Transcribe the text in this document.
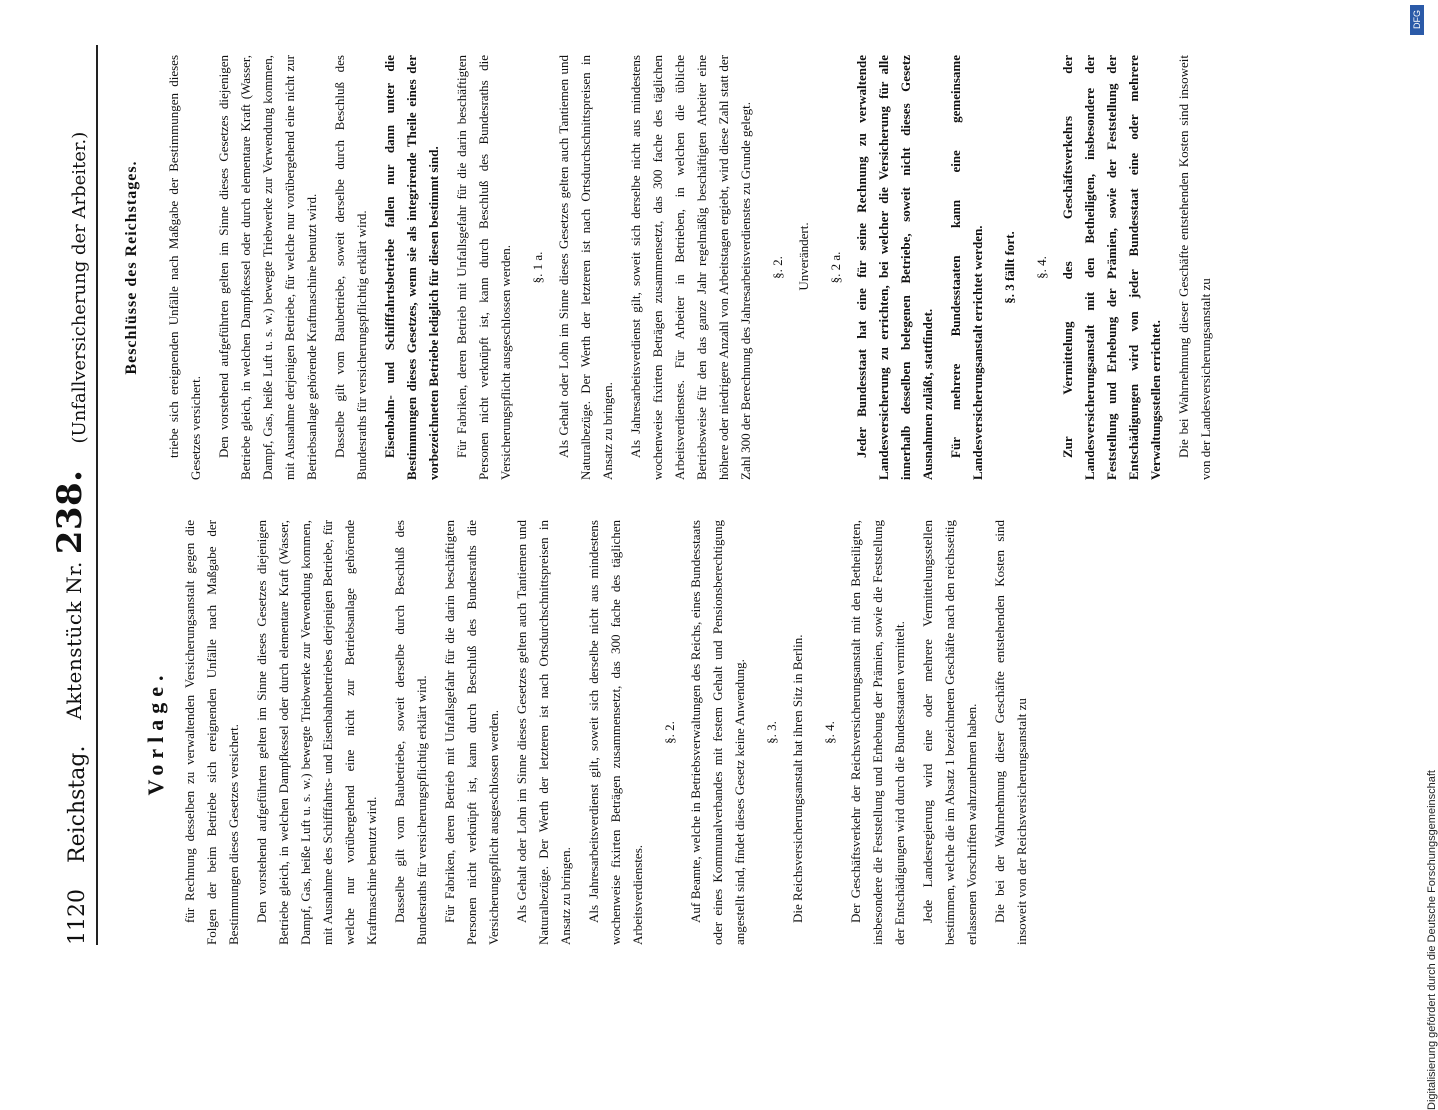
1120
Reichstag.
Aktenstück Nr. 238.
(Unfallversicherung der Arbeiter.)
Vorlage. für Rechnung desselben zu verwaltenden Versicherungsanstalt gegen die Folgen der beim Betriebe sich ereignenden Unfälle nach Maßgabe der Bestimmungen dieses Gesetzes versichert.	Den vorstehend aufgeführten gelten im Sinne dieses Gesetzes diejenigen Betriebe gleich, in welchen Dampfkessel oder durch elementare Kraft (Wasser, Dampf, Gas, heiße Luft u. s. w.) bewegte Triebwerke zur Verwendung kommen, mit Ausnahme des Schifffahrts- und Eisenbahnbetriebes derjenigen Betriebe, für welche nur vorübergehend eine nicht zur Betriebsanlage gehörende Kraftmaschine benutzt wird.	Dasselbe gilt vom Baubetriebe, soweit derselbe durch Beschluß des Bundesraths für versicherungspflichtig erklärt wird.	Für Fabriken, deren Betrieb mit Unfallsgefahr für die darin beschäftigten Personen nicht verknüpft ist, kann durch Beschluß des Bundesraths die Versicherungspflicht ausgeschlossen werden.	Als Gehalt oder Lohn im Sinne dieses Gesetzes gelten auch Tantiemen und Naturalbezüge. Der Werth der letzteren ist nach Ortsdurchschnittspreisen in Ansatz zu bringen.	Als Jahresarbeitsverdienst gilt, soweit sich derselbe nicht aus mindestens wochenweise fixirten Beträgen zusammensetzt, das 300 fache des täglichen Arbeitsverdienstes.

§. 2. Auf Beamte, welche in Betriebsverwaltungen des Reichs, eines Bundesstaats oder eines Kommunalverbandes mit festem Gehalt und Pensionsberechtigung angestellt sind, findet dieses Gesetz keine Anwendung.	§. 3. Die Reichsversicherungsanstalt hat ihren Sitz in Berlin.	§. 4. Der Geschäftsverkehr der Reichsversicherungsanstalt mit den Betheiligten, insbesondere die Feststellung und Erhebung der Prämien, sowie die Feststellung der Entschädigungen wird durch die Bundesstaaten vermittelt.	Jede Landesregierung wird eine oder mehrere Vermittelungsstellen bestimmen, welche die im Absatz 1 bezeichneten Geschäfte nach den reichsseitig erlassenen Vorschriften wahrzunehmen haben.	Die bei der Wahrnehmung dieser Geschäfte entstehenden Kosten sind insoweit von der Reichsversicherungsanstalt zu

Beschlüsse des Reichstages. triebe sich ereignenden Unfälle nach Maßgabe der Bestimmungen dieses Gesetzes versichert.	Den vorstehend aufgeführten gelten im Sinne dieses Gesetzes diejenigen Betriebe gleich, in welchen Dampfkessel oder durch elementare Kraft (Wasser, Dampf, Gas, heiße Luft u. s. w.) bewegte Triebwerke zur Verwendung kommen, mit Ausnahme derjenigen Betriebe, für welche nur vorübergehend eine nicht zur Betriebsanlage gehörende Kraftmaschine benutzt wird.	Dasselbe gilt vom Baubetriebe, soweit derselbe durch Beschluß des Bundesraths für versicherungspflichtig erklärt wird.	Eisenbahn- und Schifffahrtsbetriebe fallen nur dann unter die Bestimmungen dieses Gesetzes, wenn sie als integrirende Theile eines der vorbezeichneten Betriebe lediglich für diesen bestimmt sind.	Für Fabriken, deren Betrieb mit Unfallsgefahr für die darin beschäftigten Personen nicht verknüpft ist, kann durch Beschluß des Bundesraths die Versicherungspflicht ausgeschlossen werden.	§. 1 a. Als Gehalt oder Lohn im Sinne dieses Gesetzes gelten auch Tantiemen und Naturalbezüge. Der Werth der letzteren ist nach Ortsdurchschnittspreisen in Ansatz zu bringen.	Als Jahresarbeitsverdienst gilt, soweit sich derselbe nicht aus mindestens wochenweise fixirten Beträgen zusammensetzt, das 300 fache des täglichen Arbeitsverdienstes. Für Arbeiter in Betrieben, in welchen die übliche Betriebsweise für den das ganze Jahr regelmäßig beschäftigten Arbeiter eine höhere oder niedrigere Anzahl von Arbeitstagen ergiebt, wird diese Zahl statt der Zahl 300 der Berechnung des Jahresarbeitsverdienstes zu Grunde gelegt.	§. 2. Unverändert.	§. 2 a. Jeder Bundesstaat hat eine für seine Rechnung zu verwaltende Landesversicherung zu errichten, bei welcher die Versicherung für alle innerhalb desselben belegenen Betriebe, soweit nicht dieses Gesetz Ausnahmen zuläßt, stattfindet.	Für mehrere Bundesstaaten kann eine gemeinsame Landesversicherungsanstalt errichtet werden.	§. 3 fällt fort.	§. 4. Zur Vermittelung des Geschäftsverkehrs der Landesversicherungsanstalt mit den Betheiligten, insbesondere der Feststellung und Erhebung der Prämien, sowie der Feststellung der Entschädigungen wird von jeder Bundesstaat eine oder mehrere Verwaltungsstellen errichtet.	Die bei Wahrnehmung dieser Geschäfte entstehenden Kosten sind insoweit von der Landesversicherungsanstalt zu

DFG
Digitalisierung gefördert durch die Deutsche Forschungsgemeinschaft
